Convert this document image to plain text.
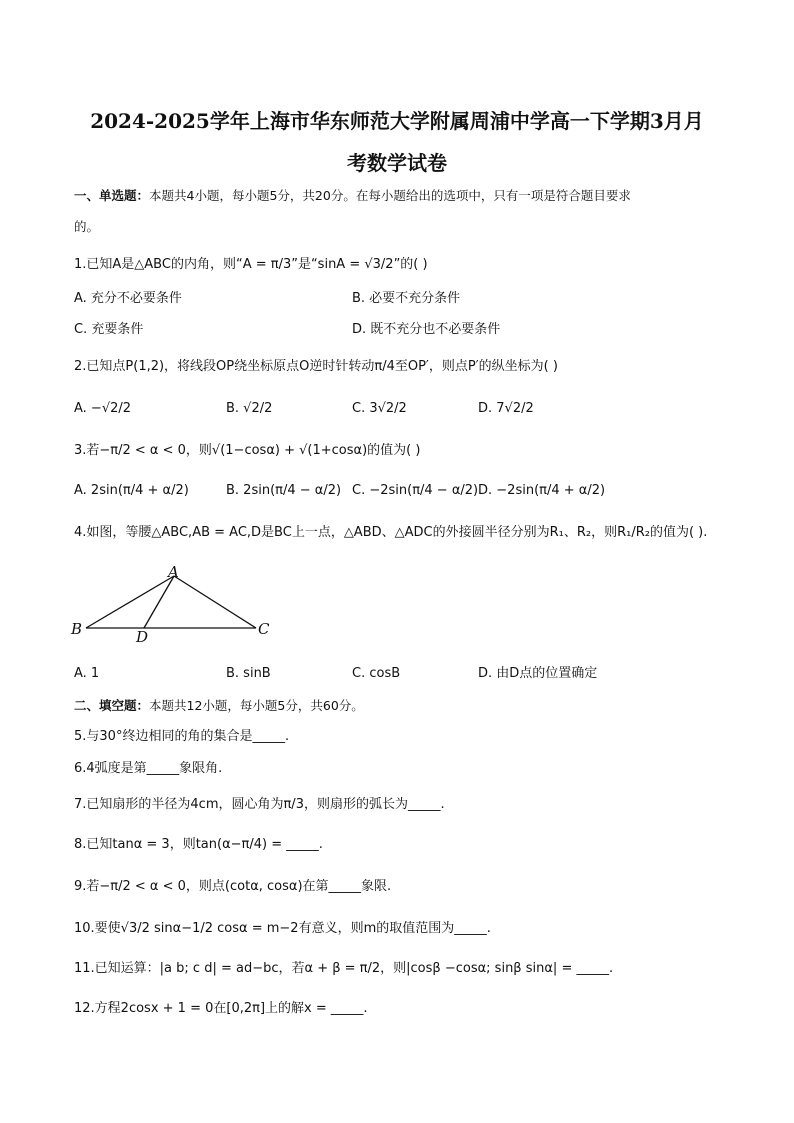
2024-2025学年上海市华东师范大学附属周浦中学高一下学期3月月
考数学试卷
一、单选题：本题共4小题，每小题5分，共20分。在每小题给出的选项中，只有一项是符合题目要求
的。
1.已知A是△ABC的内角，则“A = π/3”是“sinA = √3/2”的( )
A. 充分不必要条件	B. 必要不充分条件
C. 充要条件	D. 既不充分也不必要条件
2.已知点P(1,2)，将线段OP绕坐标原点O逆时针转动π/4至OP′，则点P′的纵坐标为( )
A. −√2/2	B. √2/2	C. 3√2/2	D. 7√2/2
3.若−π/2 < α < 0，则√(1−cosα) + √(1+cosα)的值为( )
A. 2sin(π/4 + α/2)	B. 2sin(π/4 − α/2) C. −2sin(π/4 − α/2) D. −2sin(π/4 + α/2)
4.如图，等腰△ABC,AB = AC,D是BC上一点，△ABD、△ADC的外接圆半径分别为R₁、R₂，则R₁/R₂的值为( ).
A
B	C
D
A. 1	B. sinB	C. cosB	D. 由D点的位置确定
二、填空题：本题共12小题，每小题5分，共60分。
5.与30°终边相同的角的集合是_____.
6.4弧度是第_____象限角.
7.已知扇形的半径为4cm，圆心角为π/3，则扇形的弧长为_____.
8.已知tanα = 3，则tan(α−π/4) = _____.
9.若−π/2 < α < 0，则点(cotα, cosα)在第_____象限.
10.要使√3/2 sinα−1/2 cosα = m−2有意义，则m的取值范围为_____.
11.已知运算：|a b; c d| = ad−bc，若α + β = π/2，则|cosβ −cosα; sinβ sinα| = _____.
12.方程2cosx + 1 = 0在[0,2π]上的解x = _____.
